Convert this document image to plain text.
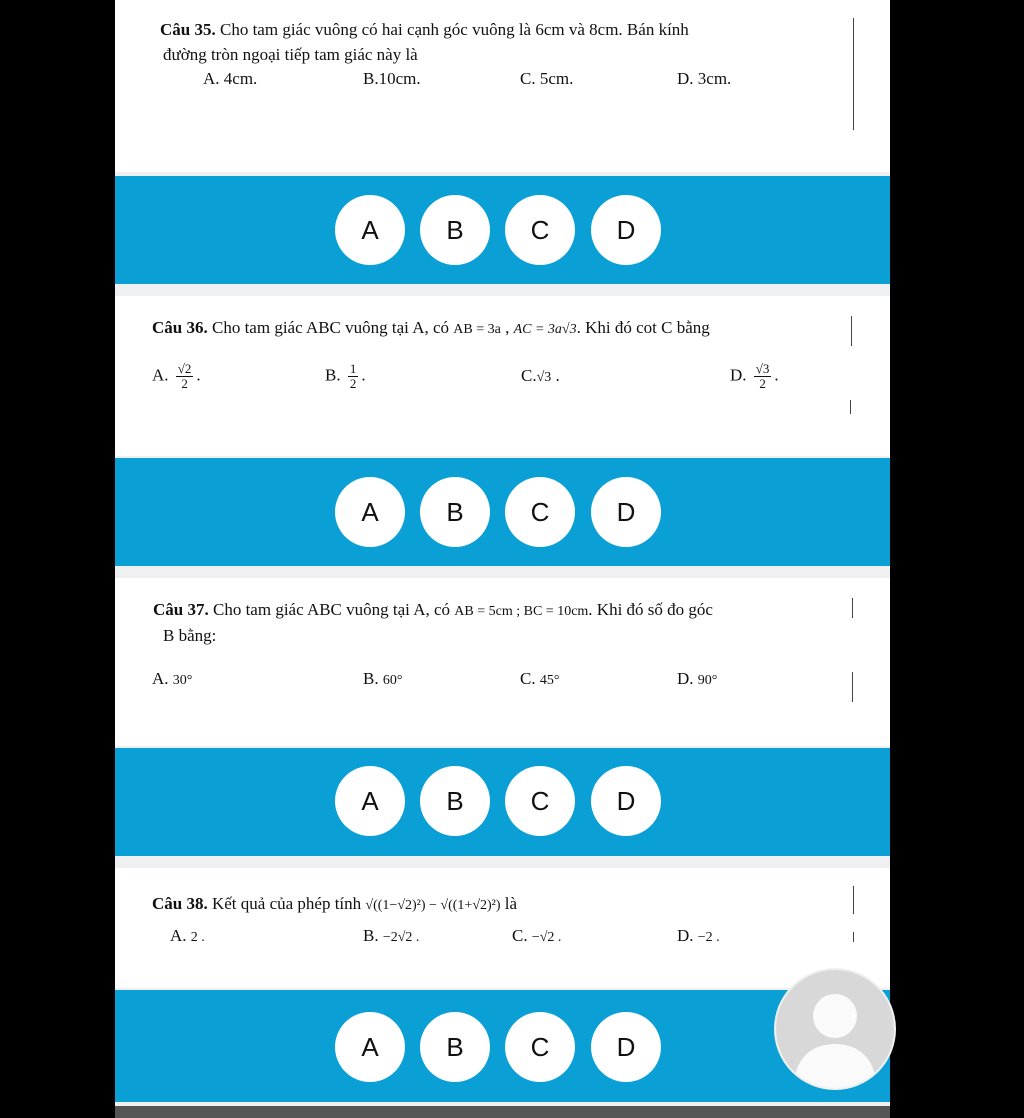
Câu 35. Cho tam giác vuông có hai cạnh góc vuông là 6cm và 8cm. Bán kính
đường tròn ngoại tiếp tam giác này là
A. 4cm.	B.10cm.	C. 5cm.	D. 3cm.
A	B	C	D
Câu 36. Cho tam giác ABC vuông tại A, có AB = 3a , AC = 3a√3. Khi đó cot C bằng
A. $\frac{√2}{2}$ .	B. $\frac{1}{2}$ .	C.√3 .	D. $\frac{√3}{2}$ .
A	B	C	D
Câu 37. Cho tam giác ABC vuông tại A, có AB = 5cm ; BC = 10cm. Khi đó số đo góc
B bằng:
A. 30°	B. 60°	C. 45°	D. 90°
A	B	C	D
Câu 38. Kết quả của phép tính √((1−√2)²) − √((1+√2)²) là
A. 2 .	B. −2√2 .	C. −√2 .	D. −2 .
A	B	C	D
